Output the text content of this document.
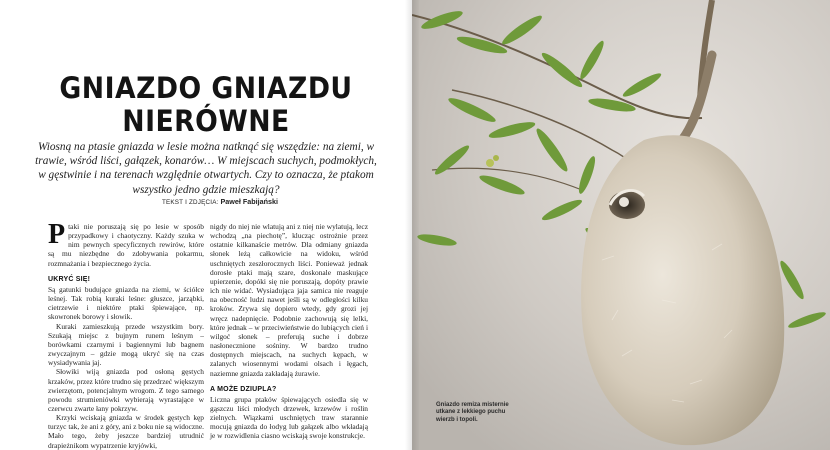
GNIAZDO GNIAZDU
NIERÓWNE
Wiosną na ptasie gniazda w lesie można natknąć się wszędzie: na ziemi, w trawie, wśród liści, gałązek, konarów… W miejscach suchych, podmokłych, w gęstwinie i na terenach względnie otwartych. Czy to oznacza, że ptakom wszystko jedno gdzie mieszkają?
TEKST I ZDJĘCIA: Paweł Fabijański
P taki nie poruszają się po lesie w sposób przypadkowy i chaotyczny. Każdy szuka w nim pewnych specyficznych rewirów, które są mu niezbędne do zdobywania pokarmu, rozmnażania i bezpiecznego życia.

UKRYĆ SIĘ!

Są gatunki budujące gniazda na ziemi, w ściółce leśnej. Tak robią kuraki leśne: głuszce, jarząbki, cietrzewie i niektóre ptaki śpiewające, np. skowronek borowy i słowik.

Kuraki zamieszkują przede wszystkim bory. Szukają miejsc z bujnym runem leśnym – borówkami czarnymi i bagiennymi lub bagnem zwyczajnym – gdzie mogą ukryć się na czas wysiadywania jaj.

Słowiki wiją gniazda pod osłoną gęstych krzaków, przez które trudno się przedrzeć większym zwierzętom, potencjalnym wrogom. Z tego samego powodu strumieniówki wybierają wyrastające w czerwcu zwarte łany pokrzyw.

Krzyki wciskają gniazda w środek gęstych kęp turzyc tak, że ani z góry, ani z boku nie są widoczne. Mało tego, żeby jeszcze bardziej utrudnić drapieżnikom wypatrzenie kryjówki,

nigdy do niej nie wlatują ani z niej nie wylatują, lecz wchodzą „na piechotę”, klucząc ostrożnie przez ostatnie kilkanaście metrów. Dla odmiany gniazda słonek leżą całkowicie na widoku, wśród uschniętych zeszłorocznych liści. Ponieważ jednak dorosłe ptaki mają szare, doskonale maskujące upierzenie, dopóki się nie poruszają, dopóty prawie ich nie widać. Wysiadująca jaja samica nie reaguje na obecność ludzi nawet jeśli są w odległości kilku kroków. Zrywa się dopiero wtedy, gdy grozi jej wręcz nadepnięcie. Podobnie zachowują się lelki, które jednak – w przeciwieństwie do lubiących cień i wilgoć słonek – preferują suche i dobrze nasłonecznione sośniny. W bardzo trudno dostępnych miejscach, na suchych kępach, w zalanych wiosennymi wodami olsach i łęgach, naziemne gniazda zakładają żurawie.

A MOŻE DZIUPLA?

Liczna grupa ptaków śpiewających osiedla się w gąszczu liści młodych drzewek, krzewów i roślin zielnych. Wiązkami uschniętych traw starannie mocują gniazda do łodyg lub gałązek albo wkładają je w rozwidlenia ciasno wciskają swoje konstrukcje.

Gniazdo remiza misternie utkane z lekkiego puchu wierzb i topoli.
